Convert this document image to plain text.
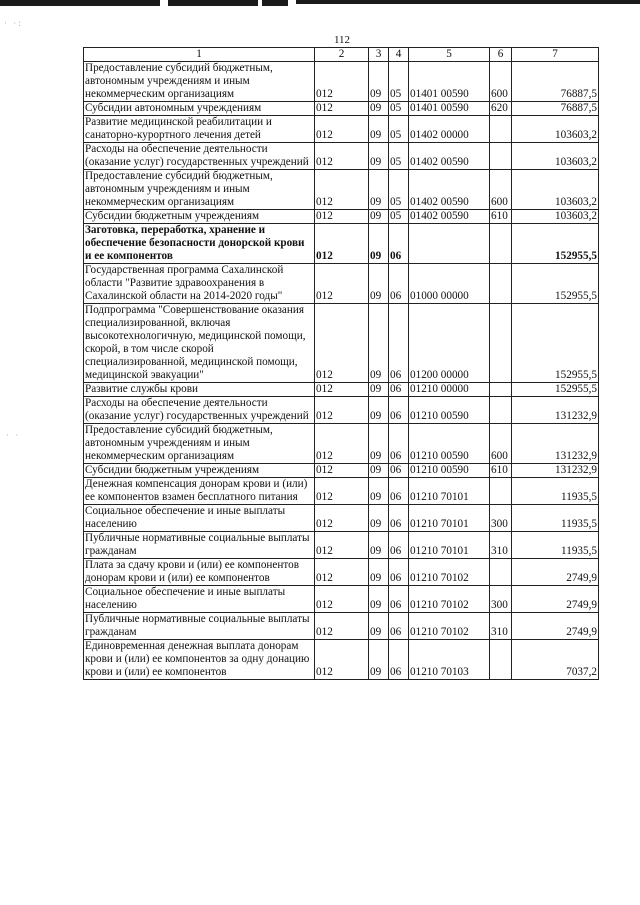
· ·:
· ·
112
1	2	3	4	5	6	7
Предоставление субсидий бюджетным, автономным учреждениям и иным некоммерческим организациям	012	09	05	01401 00590	600	76887,5
Субсидии автономным учреждениям	012	09	05	01401 00590	620	76887,5
Развитие медицинской реабилитации и санаторно-курортного лечения детей	012	09	05	01402 00000		103603,2
Расходы на обеспечение деятельности (оказание услуг) государственных учреждений	012	09	05	01402 00590		103603,2
Предоставление субсидий бюджетным, автономным учреждениям и иным некоммерческим организациям	012	09	05	01402 00590	600	103603,2
Субсидии бюджетным учреждениям	012	09	05	01402 00590	610	103603,2
Заготовка, переработка, хранение и обеспечение безопасности донорской крови и ее компонентов	012	09	06			152955,5
Государственная программа Сахалинской области "Развитие здравоохранения в Сахалинской области на 2014-2020 годы"	012	09	06	01000 00000		152955,5
Подпрограмма "Совершенствование оказания специализированной, включая высокотехнологичную, медицинской помощи, скорой, в том числе скорой специализированной, медицинской помощи, медицинской эвакуации"	012	09	06	01200 00000		152955,5
Развитие службы крови	012	09	06	01210 00000		152955,5
Расходы на обеспечение деятельности (оказание услуг) государственных учреждений	012	09	06	01210 00590		131232,9
Предоставление субсидий бюджетным, автономным учреждениям и иным некоммерческим организациям	012	09	06	01210 00590	600	131232,9
Субсидии бюджетным учреждениям	012	09	06	01210 00590	610	131232,9
Денежная компенсация донорам крови и (или) ее компонентов взамен бесплатного питания	012	09	06	01210 70101		11935,5
Социальное обеспечение и иные выплаты населению	012	09	06	01210 70101	300	11935,5
Публичные нормативные социальные выплаты гражданам	012	09	06	01210 70101	310	11935,5
Плата за сдачу крови и (или) ее компонентов донорам крови и (или) ее компонентов	012	09	06	01210 70102		2749,9
Социальное обеспечение и иные выплаты населению	012	09	06	01210 70102	300	2749,9
Публичные нормативные социальные выплаты гражданам	012	09	06	01210 70102	310	2749,9
Единовременная денежная выплата донорам крови и (или) ее компонентов за одну донацию крови и (или) ее компонентов	012	09	06	01210 70103		7037,2
